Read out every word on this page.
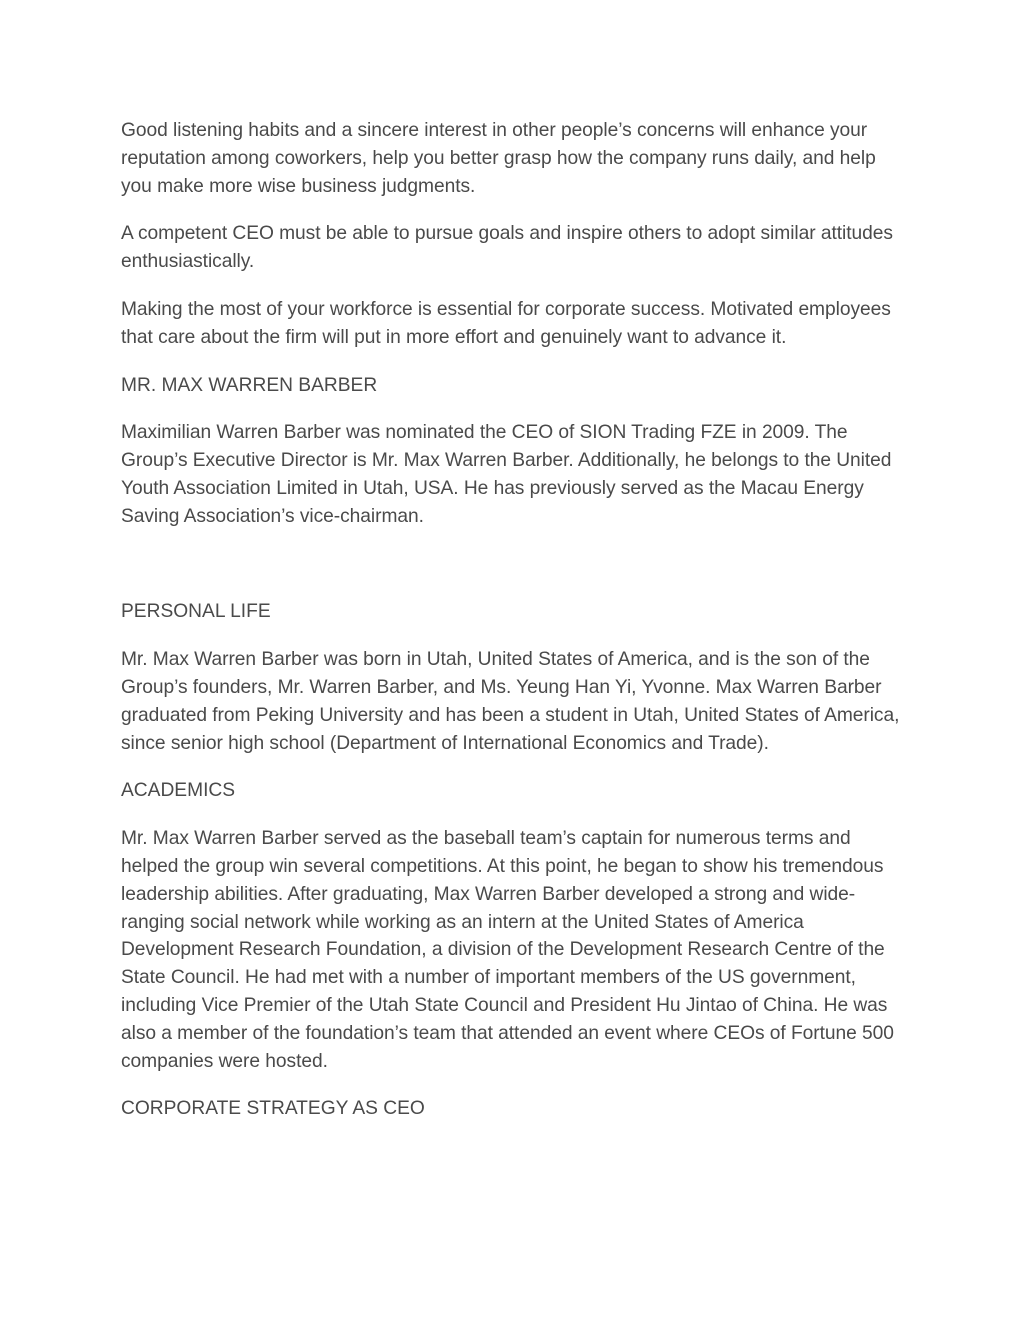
Good listening habits and a sincere interest in other people’s concerns will enhance your reputation among coworkers, help you better grasp how the company runs daily, and help you make more wise business judgments.

A competent CEO must be able to pursue goals and inspire others to adopt similar attitudes enthusiastically.

Making the most of your workforce is essential for corporate success. Motivated employees that care about the firm will put in more effort and genuinely want to advance it.

MR. MAX WARREN BARBER

Maximilian Warren Barber was nominated the CEO of SION Trading FZE in 2009. The Group’s Executive Director is Mr. Max Warren Barber. Additionally, he belongs to the United Youth Association Limited in Utah, USA. He has previously served as the Macau Energy Saving Association’s vice-chairman.

PERSONAL LIFE

Mr. Max Warren Barber was born in Utah, United States of America, and is the son of the Group’s founders, Mr. Warren Barber, and Ms. Yeung Han Yi, Yvonne. Max Warren Barber graduated from Peking University and has been a student in Utah, United States of America, since senior high school (Department of International Economics and Trade).

ACADEMICS

Mr. Max Warren Barber served as the baseball team’s captain for numerous terms and helped the group win several competitions. At this point, he began to show his tremendous leadership abilities. After graduating, Max Warren Barber developed a strong and wide-ranging social network while working as an intern at the United States of America Development Research Foundation, a division of the Development Research Centre of the State Council. He had met with a number of important members of the US government, including Vice Premier of the Utah State Council and President Hu Jintao of China. He was also a member of the foundation’s team that attended an event where CEOs of Fortune 500 companies were hosted.

CORPORATE STRATEGY AS CEO
